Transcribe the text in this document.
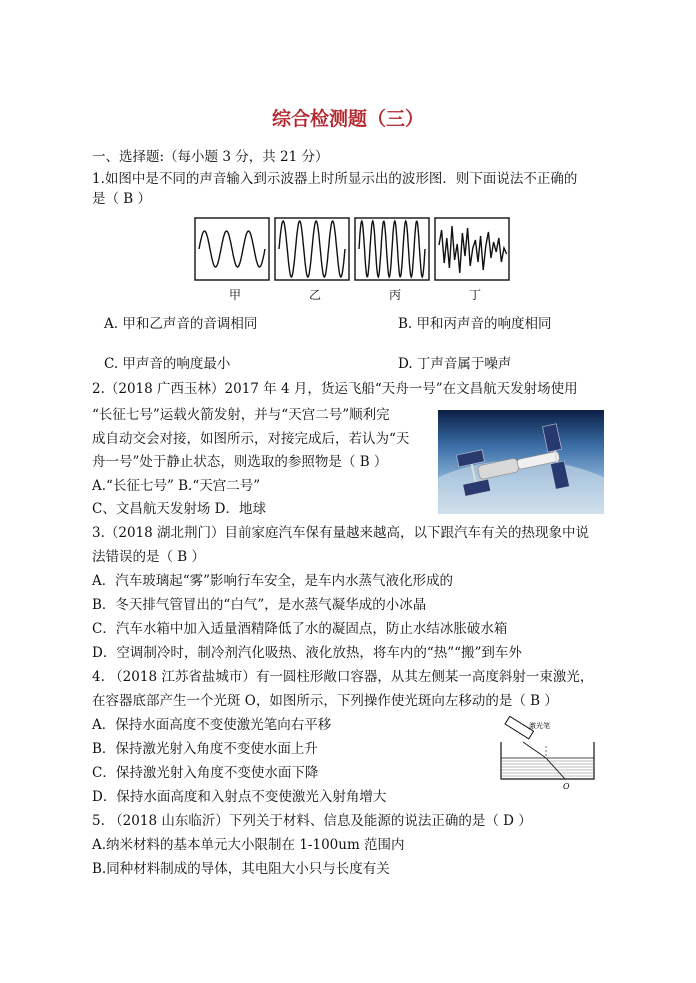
综合检测题（三）
一、选择题:（每小题 3 分，共 21 分）
1.如图中是不同的声音输入到示波器上时所显示出的波形图．则下面说法不正确的
是（ B ）
甲	乙	丙	丁
A. 甲和乙声音的音调相同	B. 甲和丙声音的响度相同
C. 甲声音的响度最小	D. 丁声音属于噪声
2.（2018 广西玉林）2017 年 4 月，货运飞船“天舟一号”在文昌航天发射场使用
“长征七号”运载火箭发射，并与“天宫二号”顺利完
成自动交会对接，如图所示，对接完成后，若认为“天
舟一号”处于静止状态，则选取的参照物是（ B ）
A.“长征七号” B.“天宫二号”
C、文昌航天发射场 D．地球
3.（2018 湖北荆门）目前家庭汽车保有量越来越高，以下跟汽车有关的热现象中说
法错误的是（ B ）
A．汽车玻璃起“雾”影响行车安全，是车内水蒸气液化形成的
B．冬天排气管冒出的“白气”，是水蒸气凝华成的小冰晶
C．汽车水箱中加入适量酒精降低了水的凝固点，防止水结冰胀破水箱
D．空调制冷时，制冷剂汽化吸热、液化放热，将车内的“热”“搬”到车外
4. （2018 江苏省盐城市）有一圆柱形敞口容器，从其左侧某一高度斜射一束激光，
在容器底部产生一个光斑 O，如图所示，下列操作使光斑向左移动的是（ B ）
A．保持水面高度不变使激光笔向右平移
B．保持激光射入角度不变使水面上升
C．保持激光射入角度不变使水面下降
D．保持水面高度和入射点不变使激光入射角增大
激光笔
O
5. （2018 山东临沂）下列关于材料、信息及能源的说法正确的是（ D ）
A.纳米材料的基本单元大小限制在 1-100um 范围内
B.同种材料制成的导体，其电阻大小只与长度有关
